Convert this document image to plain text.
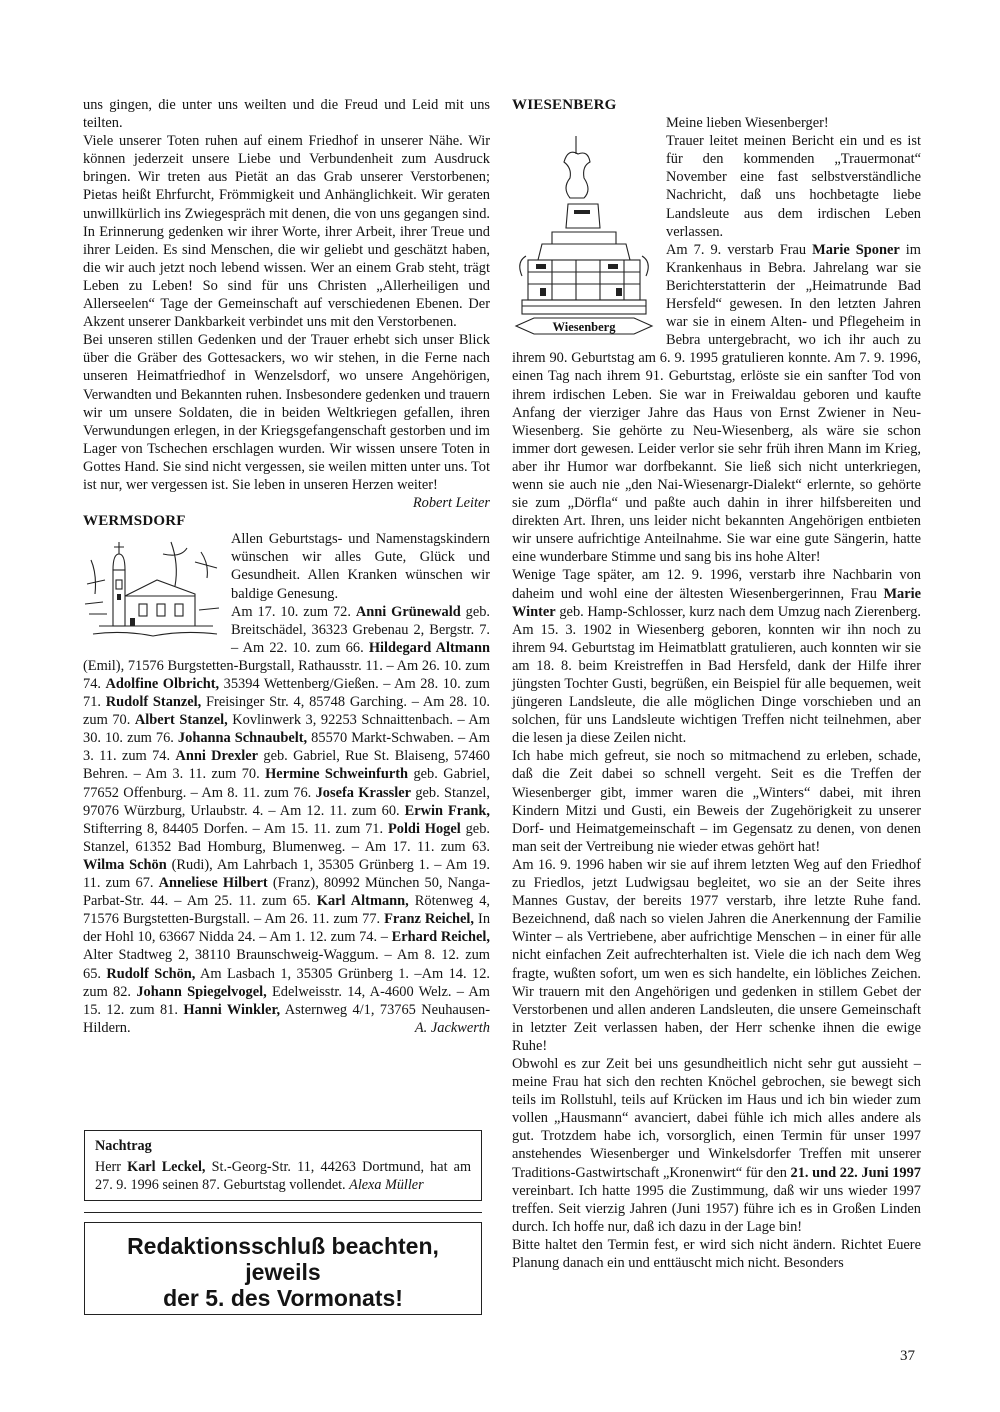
uns gingen, die unter uns weilten und die Freud und Leid mit uns teilten.

Viele unserer Toten ruhen auf einem Friedhof in unserer Nähe. Wir können jederzeit unsere Liebe und Verbundenheit zum Ausdruck bringen. Wir treten aus Pietät an das Grab unserer Verstorbenen; Pietas heißt Ehrfurcht, Frömmigkeit und Anhänglichkeit. Wir geraten unwillkürlich ins Zwiegespräch mit denen, die von uns gegangen sind. In Erinnerung gedenken wir ihrer Worte, ihrer Arbeit, ihrer Treue und ihrer Leiden. Es sind Menschen, die wir geliebt und geschätzt haben, die wir auch jetzt noch lebend wissen. Wer an einem Grab steht, trägt Leben zu Leben! So sind für uns Christen „Allerheiligen und Allerseelen“ Tage der Gemeinschaft auf verschiedenen Ebenen. Der Akzent unserer Dankbarkeit verbindet uns mit den Verstorbenen.

Bei unseren stillen Gedenken und der Trauer erhebt sich unser Blick über die Gräber des Gottesackers, wo wir stehen, in die Ferne nach unseren Heimatfriedhof in Wenzelsdorf, wo unsere Angehörigen, Verwandten und Bekannten ruhen. Insbesondere gedenken und trauern wir um unsere Soldaten, die in beiden Weltkriegen gefallen, ihren Verwundungen erlegen, in der Kriegsgefangenschaft gestorben und im Lager von Tschechen erschlagen wurden. Wir wissen unsere Toten in Gottes Hand. Sie sind nicht vergessen, sie weilen mitten unter uns. Tot ist nur, wer vergessen ist. Sie leben in unseren Herzen weiter!
Robert Leiter

WERMSDORF

Allen Geburtstags- und Namenstagskindern wünschen wir alles Gute, Glück und Gesundheit. Allen Kranken wünschen wir baldige Genesung.

Am 17. 10. zum 72. Anni Grünewald geb. Breitschädel, 36323 Grebenau 2, Bergstr. 7. – Am 22. 10. zum 66. Hildegard Altmann (Emil), 71576 Burgstetten-Burgstall, Rathausstr. 11. – Am 26. 10. zum 74. Adolfine Olbricht, 35394 Wettenberg/Gießen. – Am 28. 10. zum 71. Rudolf Stanzel, Freisinger Str. 4, 85748 Garching. – Am 28. 10. zum 70. Albert Stanzel, Kovlinwerk 3, 92253 Schnaittenbach. – Am 30. 10. zum 76. Johanna Schnaubelt, 85570 Markt-Schwaben. – Am 3. 11. zum 74. Anni Drexler geb. Gabriel, Rue St. Blaiseng, 57460 Behren. – Am 3. 11. zum 70. Hermine Schweinfurth geb. Gabriel, 77652 Offenburg. – Am 8. 11. zum 76. Josefa Krassler geb. Stanzel, 97076 Würzburg, Urlaubstr. 4. – Am 12. 11. zum 60. Erwin Frank, Stifterring 8, 84405 Dorfen. – Am 15. 11. zum 71. Poldi Hogel geb. Stanzel, 61352 Bad Homburg, Blumenweg. – Am 17. 11. zum 63. Wilma Schön (Rudi), Am Lahrbach 1, 35305 Grünberg 1. – Am 19. 11. zum 67. Anneliese Hilbert (Franz), 80992 München 50, Nanga-Parbat-Str. 44. – Am 25. 11. zum 65. Karl Altmann, Rötenweg 4, 71576 Burgstetten-Burgstall. – Am 26. 11. zum 77. Franz Reichel, In der Hohl 10, 63667 Nidda 24. – Am 1. 12. zum 74. – Erhard Reichel, Alter Stadtweg 2, 38110 Braunschweig-Waggum. – Am 8. 12. zum 65. Rudolf Schön, Am Lasbach 1, 35305 Grünberg 1. –Am 14. 12. zum 82. Johann Spiegelvogel, Edelweisstr. 14, A-4600 Welz. – Am 15. 12. zum 81. Hanni Winkler, Asternweg 4/1, 73765 Neuhausen-Hildern.	A. Jackwerth

Nachtrag
Herr Karl Leckel, St.-Georg-Str. 11, 44263 Dortmund, hat am 27. 9. 1996 seinen 87. Geburtstag vollendet. Alexa Müller
Redaktionsschluß beachten,
jeweils
der 5. des Vormonats!

WIESENBERG

Wiesenberg

Meine lieben Wiesenberger!

Trauer leitet meinen Bericht ein und es ist für den kommenden „Trauermonat“ November eine fast selbstverständliche Nachricht, daß uns hochbetagte liebe Landsleute aus dem irdischen Leben verlassen.

Am 7. 9. verstarb Frau Marie Sponer im Krankenhaus in Bebra. Jahrelang war sie Berichterstatterin der „Heimatrunde Bad Hersfeld“ gewesen. In den letzten Jahren war sie in einem Alten- und Pflegeheim in Bebra untergebracht, wo ich ihr auch zu ihrem 90. Geburtstag am 6. 9. 1995 gratulieren konnte. Am 7. 9. 1996, einen Tag nach ihrem 91. Geburtstag, erlöste sie ein sanfter Tod von ihrem irdischen Leben. Sie war in Freiwaldau geboren und kaufte Anfang der vierziger Jahre das Haus von Ernst Zwiener in Neu-Wiesenberg. Sie gehörte zu Neu-Wiesenberg, als wäre sie schon immer dort gewesen. Leider verlor sie sehr früh ihren Mann im Krieg, aber ihr Humor war dorfbekannt. Sie ließ sich nicht unterkriegen, wenn sie auch nie „den Nai-Wiesenargr-Dialekt“ erlernte, so gehörte sie zum „Dörfla“ und paßte auch dahin in ihrer hilfsbereiten und direkten Art. Ihren, uns leider nicht bekannten Angehörigen entbieten wir unsere aufrichtige Anteilnahme. Sie war eine gute Sängerin, hatte eine wunderbare Stimme und sang bis ins hohe Alter!

Wenige Tage später, am 12. 9. 1996, verstarb ihre Nachbarin von daheim und wohl eine der ältesten Wiesenbergerinnen, Frau Marie Winter geb. Hamp-Schlosser, kurz nach dem Umzug nach Zierenberg. Am 15. 3. 1902 in Wiesenberg geboren, konnten wir ihn noch zu ihrem 94. Geburtstag im Heimatblatt gratulieren, auch konnten wir sie am 18. 8. beim Kreistreffen in Bad Hersfeld, dank der Hilfe ihrer jüngsten Tochter Gusti, begrüßen, ein Beispiel für alle bequemen, weit jüngeren Landsleute, die alle möglichen Dinge vorschieben und an solchen, für uns Landsleute wichtigen Treffen nicht teilnehmen, aber die lesen ja diese Zeilen nicht.

Ich habe mich gefreut, sie noch so mitmachend zu erleben, schade, daß die Zeit dabei so schnell vergeht. Seit es die Treffen der Wiesenberger gibt, immer waren die „Winters“ dabei, mit ihren Kindern Mitzi und Gusti, ein Beweis der Zugehörigkeit zu unserer Dorf- und Heimatgemeinschaft – im Gegensatz zu denen, von denen man seit der Vertreibung nie wieder etwas gehört hat!

Am 16. 9. 1996 haben wir sie auf ihrem letzten Weg auf den Friedhof zu Friedlos, jetzt Ludwigsau begleitet, wo sie an der Seite ihres Mannes Gustav, der bereits 1977 verstarb, ihre letzte Ruhe fand. Bezeichnend, daß nach so vielen Jahren die Anerkennung der Familie Winter – als Vertriebene, aber aufrichtige Menschen – in einer für alle nicht einfachen Zeit aufrechterhalten ist. Viele die ich nach dem Weg fragte, wußten sofort, um wen es sich handelte, ein löbliches Zeichen. Wir trauern mit den Angehörigen und gedenken in stillem Gebet der Verstorbenen und allen anderen Landsleuten, die unsere Gemeinschaft in letzter Zeit verlassen haben, der Herr schenke ihnen die ewige Ruhe!

Obwohl es zur Zeit bei uns gesundheitlich nicht sehr gut aussieht – meine Frau hat sich den rechten Knöchel gebrochen, sie bewegt sich teils im Rollstuhl, teils auf Krücken im Haus und ich bin wieder zum vollen „Hausmann“ avanciert, dabei fühle ich mich alles andere als gut. Trotzdem habe ich, vorsorglich, einen Termin für unser 1997 anstehendes Wiesenberger und Winkelsdorfer Treffen mit unserer Traditions-Gastwirtschaft „Kronenwirt“ für den 21. und 22. Juni 1997 vereinbart. Ich hatte 1995 die Zustimmung, daß wir uns wieder 1997 treffen. Seit vierzig Jahren (Juni 1957) führe ich es in Großen Linden durch. Ich hoffe nur, daß ich dazu in der Lage bin!

Bitte haltet den Termin fest, er wird sich nicht ändern. Richtet Euere Planung danach ein und enttäuscht mich nicht. Besonders

37
